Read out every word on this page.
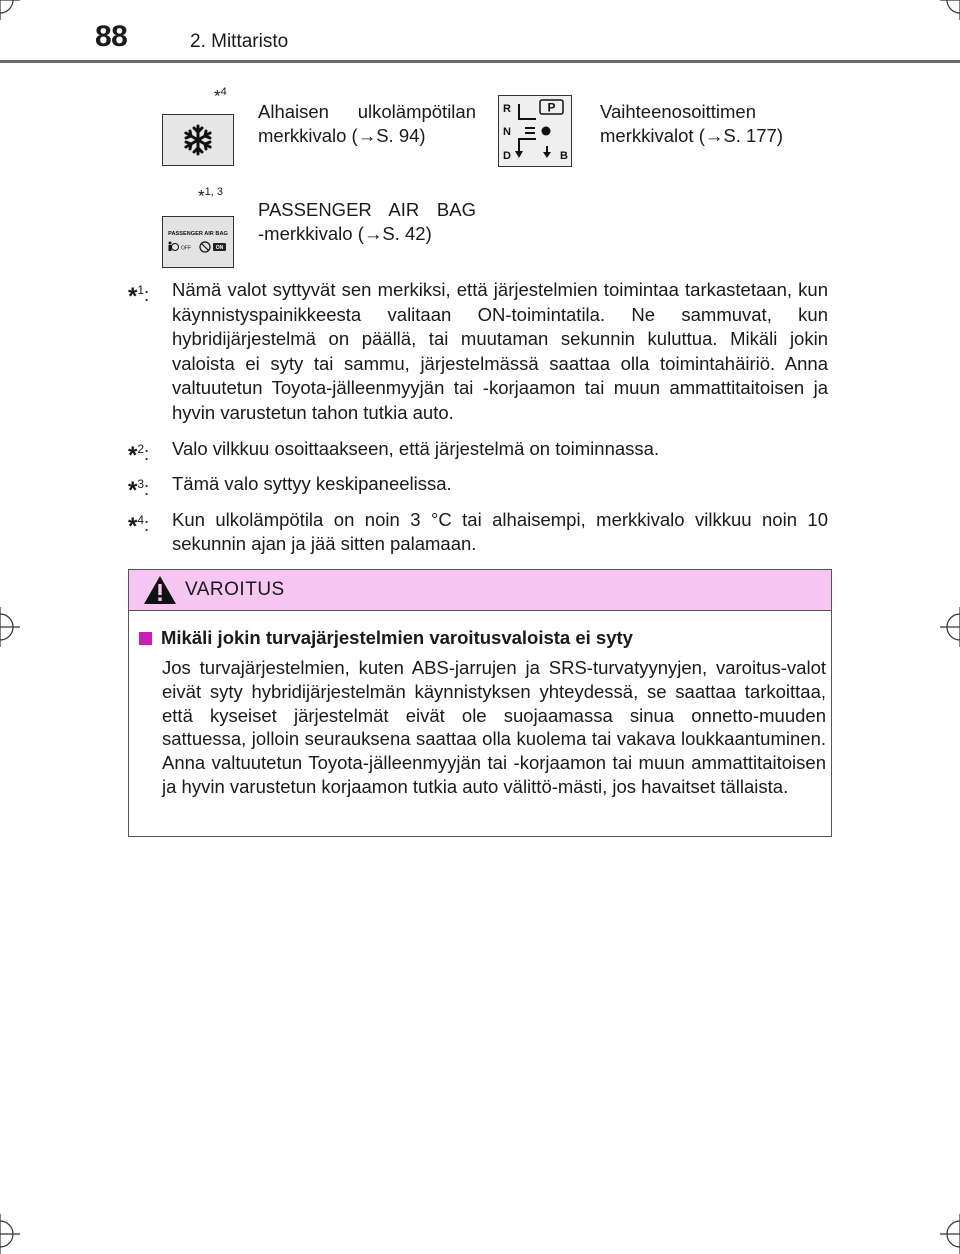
88	2. Mittaristo
*$^4$
Alhaisen ulkolämpötilan
merkkivalo (→S. 94)
R
N
D	B
P Vaihteenosoittimen
merkkivalot (→S. 177)
*$^{1, 3}$
PASSENGER AIR BAG
OFF	ON
PASSENGER AIR BAG
-merkkivalo (→S. 42)
*$^1$: Nämä valot syttyvät sen merkiksi, että järjestelmien toimintaa tarkastetaan, kun käynnistyspainikkeesta valitaan ON-toimintatila. Ne sammuvat, kun hybridijärjestelmä on päällä, tai muutaman sekunnin kuluttua. Mikäli jokin valoista ei syty tai sammu, järjestelmässä saattaa olla toimintahäiriö. Anna valtuutetun Toyota-jälleenmyyjän tai -korjaamon tai muun ammattitaitoisen ja hyvin varustetun tahon tutkia auto.
*$^2$: Valo vilkkuu osoittaakseen, että järjestelmä on toiminnassa.
*$^3$: Tämä valo syttyy keskipaneelissa.
*$^4$: Kun ulkolämpötila on noin 3 °C tai alhaisempi, merkkivalo vilkkuu noin 10 sekunnin ajan ja jää sitten palamaan.
VAROITUS
Mikäli jokin turvajärjestelmien varoitusvaloista ei syty
Jos turvajärjestelmien, kuten ABS-jarrujen ja SRS-turvatyynyjen, varoitus-valot eivät syty hybridijärjestelmän käynnistyksen yhteydessä, se saattaa tarkoittaa, että kyseiset järjestelmät eivät ole suojaamassa sinua onnetto-muuden sattuessa, jolloin seurauksena saattaa olla kuolema tai vakava loukkaantuminen. Anna valtuutetun Toyota-jälleenmyyjän tai -korjaamon tai muun ammattitaitoisen ja hyvin varustetun korjaamon tutkia auto välittö-mästi, jos havaitset tällaista.
